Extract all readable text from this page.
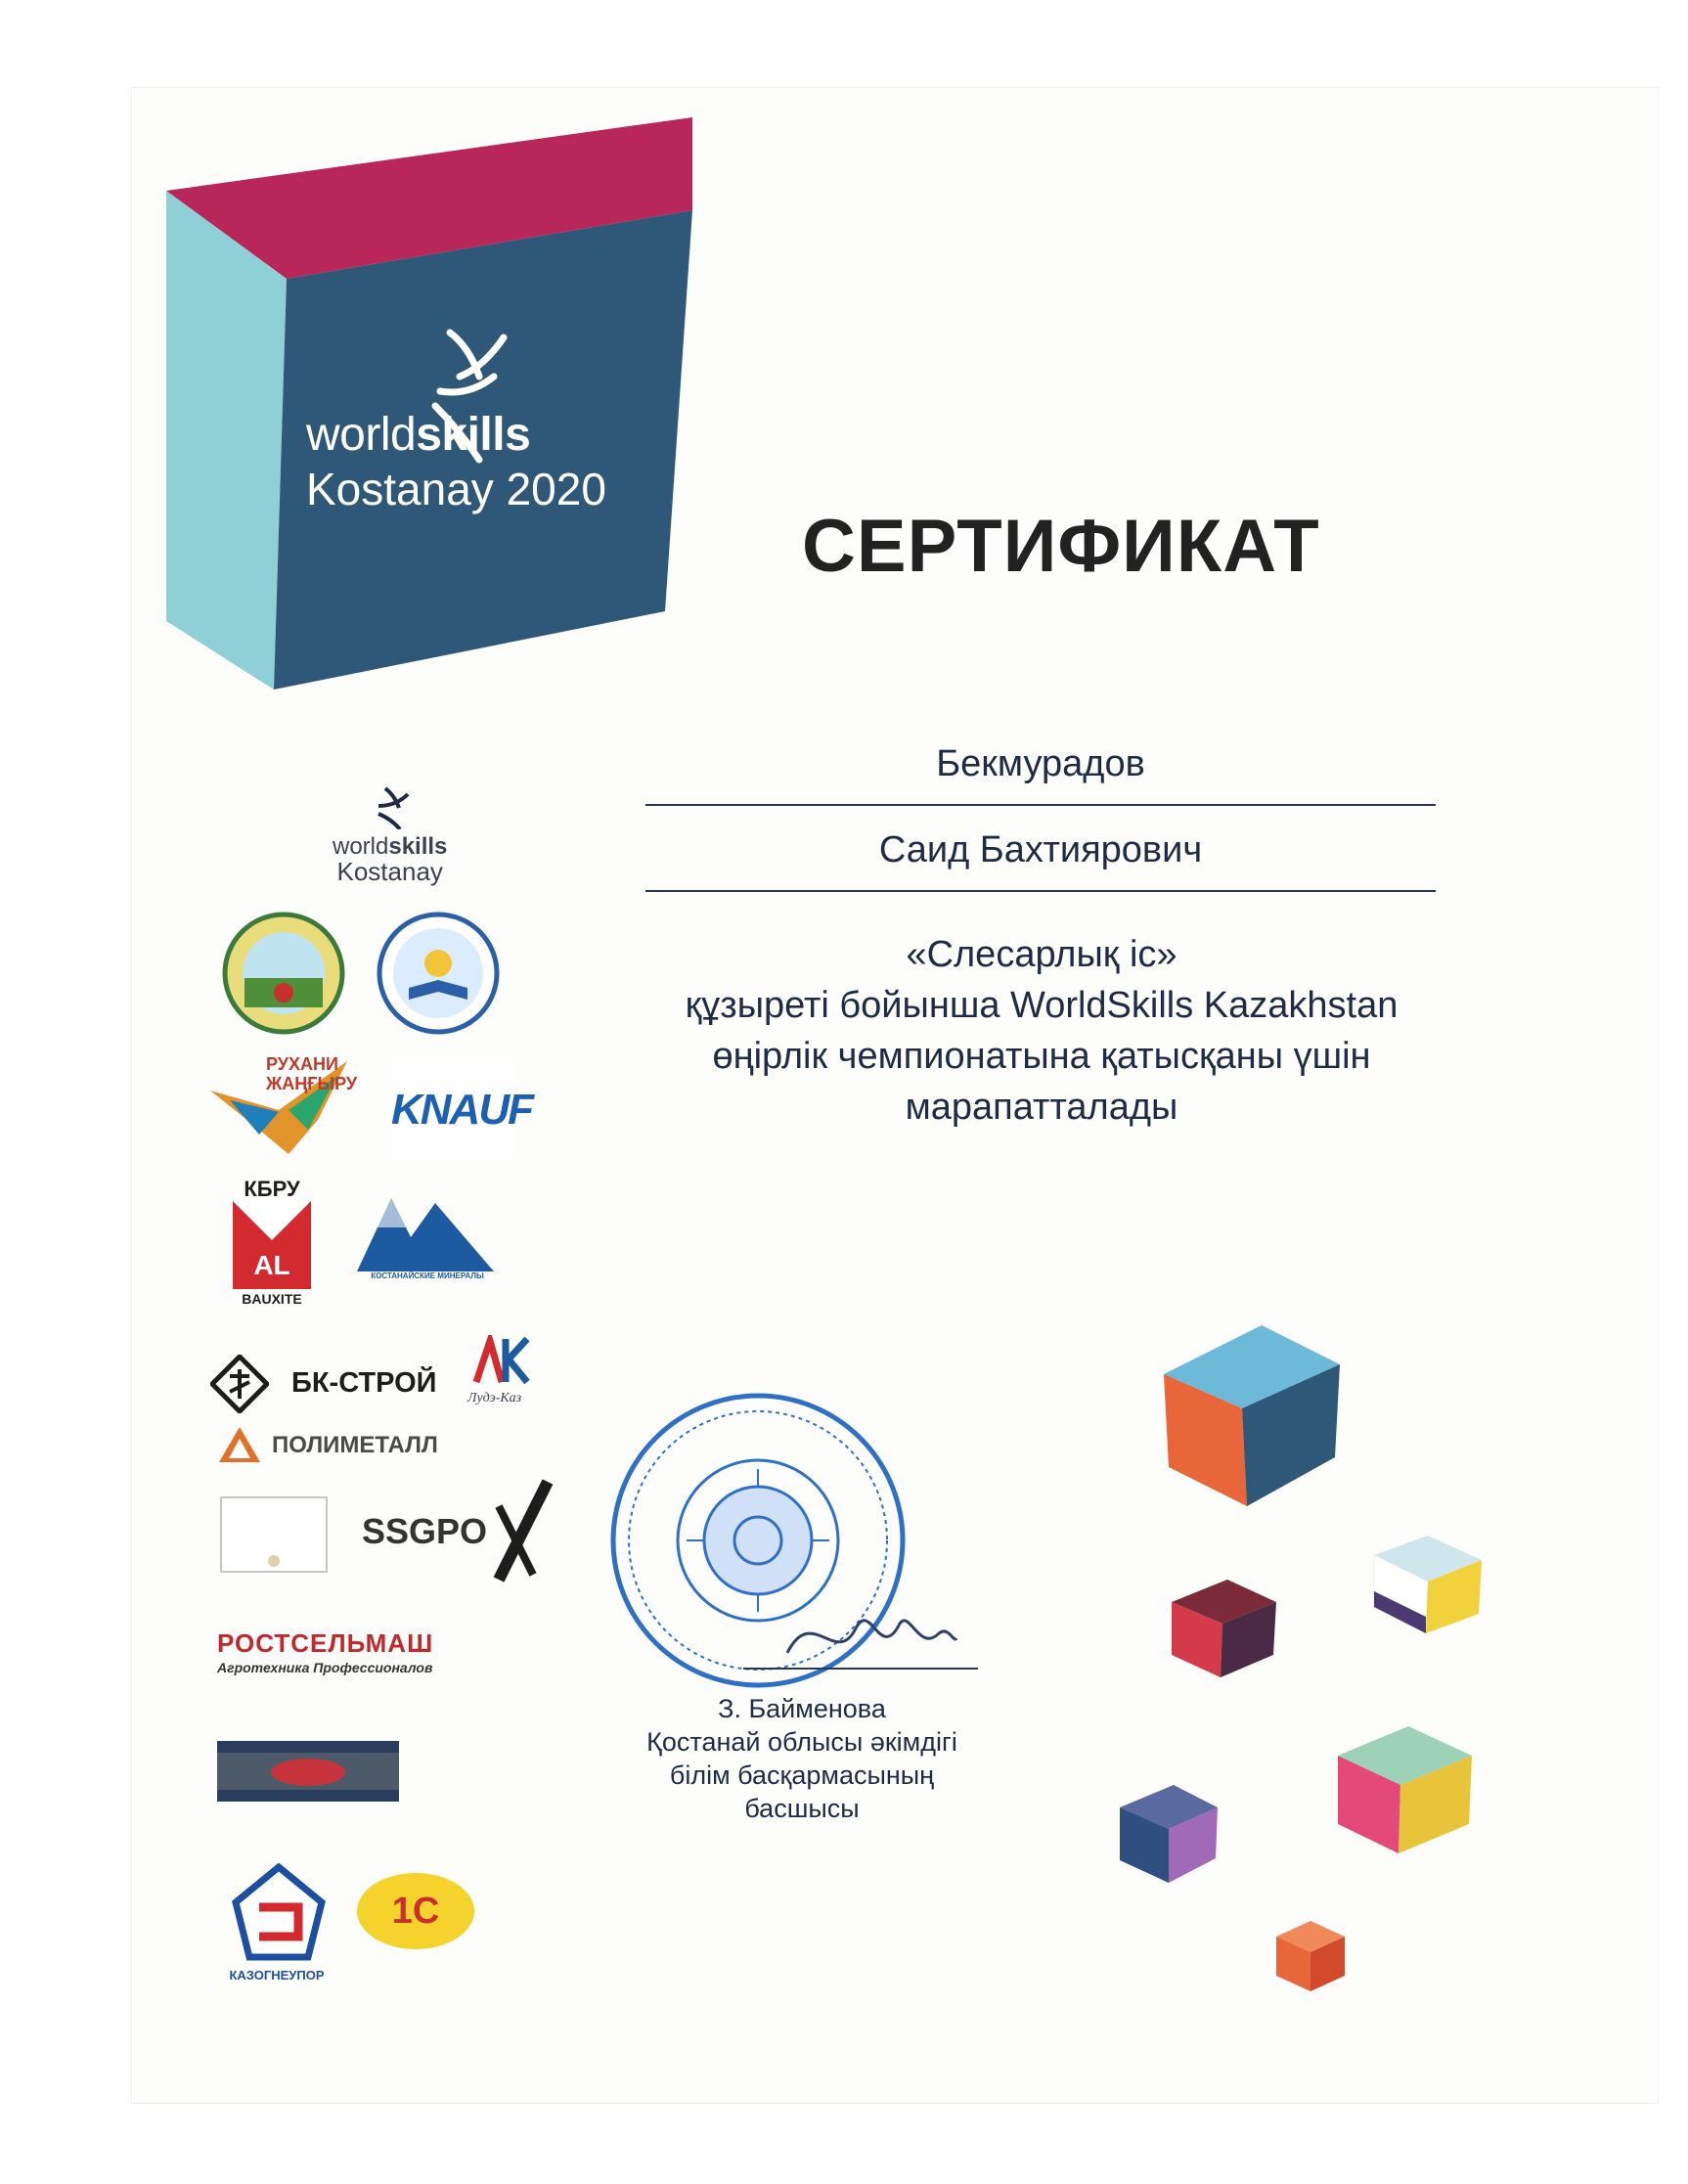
worldskills
Kostanay 2020
СЕРТИФИКАТ
Бекмурадов
Саид Бахтиярович
«Слесарлық іс»
құзыреті бойынша WorldSkills Kazakhstan
өңірлік чемпионатына қатысқаны үшін
марапатталады
worldskills
Kostanay
РУХАНИ
ЖАҢҒЫРУ
KNAUF
КБРУ
AL
BAUXITE
КОСТАНАЙСКИЕ МИНЕРАЛЫ
БК-СТРОЙ Лудэ-Каз
ПОЛИМЕТАЛЛ
SSGPO
РОСТСЕЛЬМАШ
Агротехника Профессионалов
КАЗОГНЕУПОР
1С
З. Байменова
Қостанай облысы әкімдігі
білім басқармасының басшысы
